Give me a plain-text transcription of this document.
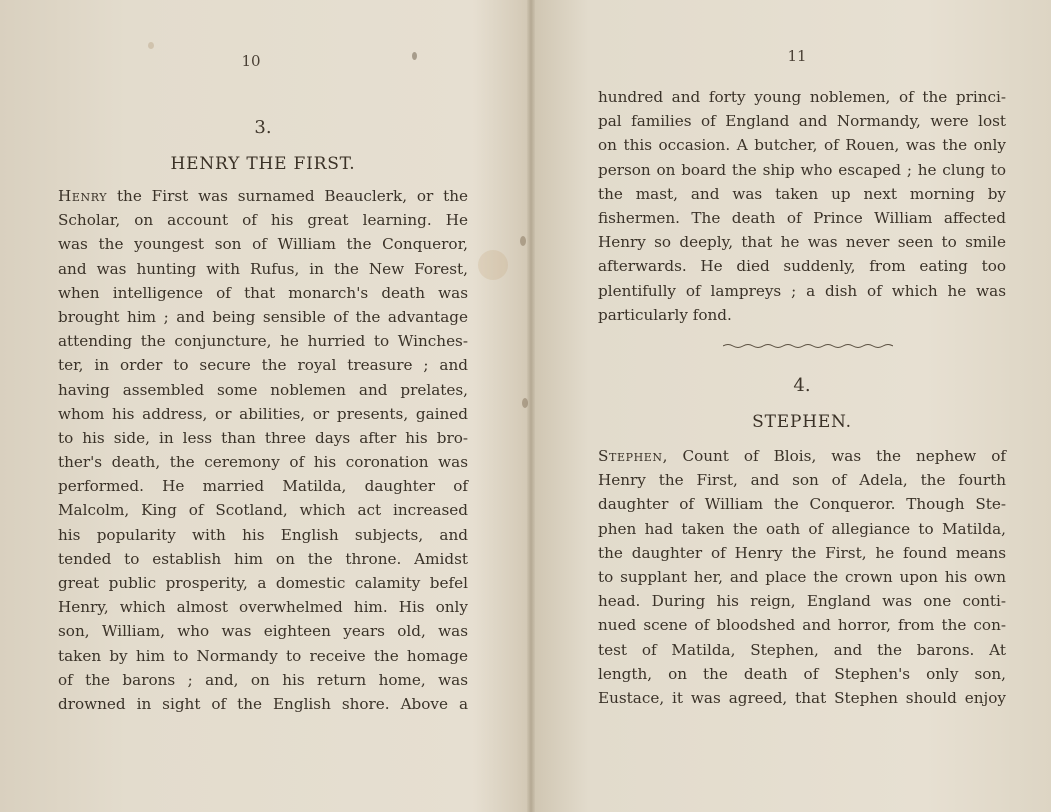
10
3.
HENRY THE FIRST.
Henry the First was surnamed Beauclerk, or the
Scholar, on account of his great learning. He
was the youngest son of William the Conqueror,
and was hunting with Rufus, in the New Forest,
when intelligence of that monarch's death was
brought him ; and being sensible of the advantage
attending the conjuncture, he hurried to Winches-
ter, in order to secure the royal treasure ; and
having assembled some noblemen and prelates,
whom his address, or abilities, or presents, gained
to his side, in less than three days after his bro-
ther's death, the ceremony of his coronation was
performed. He married Matilda, daughter of
Malcolm, King of Scotland, which act increased
his popularity with his English subjects, and
tended to establish him on the throne. Amidst
great public prosperity, a domestic calamity befel
Henry, which almost overwhelmed him. His only
son, William, who was eighteen years old, was
taken by him to Normandy to receive the homage
of the barons ; and, on his return home, was
drowned in sight of the English shore. Above a
11
hundred and forty young noblemen, of the princi-
pal families of England and Normandy, were lost
on this occasion. A butcher, of Rouen, was the only
person on board the ship who escaped ; he clung to
the mast, and was taken up next morning by
fishermen. The death of Prince William affected
Henry so deeply, that he was never seen to smile
afterwards. He died suddenly, from eating too
plentifully of lampreys ; a dish of which he was
particularly fond.
4.
STEPHEN.
Stephen, Count of Blois, was the nephew of
Henry the First, and son of Adela, the fourth
daughter of William the Conqueror. Though Ste-
phen had taken the oath of allegiance to Matilda,
the daughter of Henry the First, he found means
to supplant her, and place the crown upon his own
head. During his reign, England was one conti-
nued scene of bloodshed and horror, from the con-
test of Matilda, Stephen, and the barons. At
length, on the death of Stephen's only son,
Eustace, it was agreed, that Stephen should enjoy
